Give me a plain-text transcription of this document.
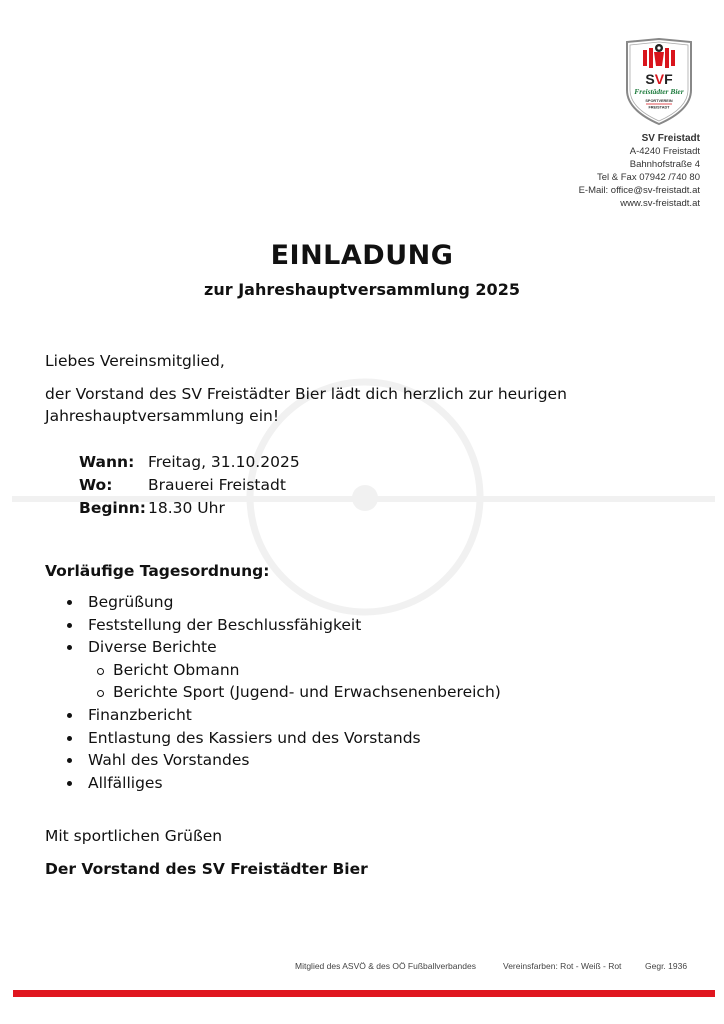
SVF
Freistädter Bier
SPORTVEREIN
FREISTADT
SV Freistadt
A-4240 Freistadt
Bahnhofstraße 4
Tel & Fax 07942 /740 80
E-Mail: office@sv-freistadt.at
www.sv-freistadt.at
EINLADUNG
zur Jahreshauptversammlung 2025
Liebes Vereinsmitglied,
der Vorstand des SV Freistädter Bier lädt dich herzlich zur heurigen
Jahreshauptversammlung ein!
Wann: Freitag, 31.10.2025
Wo:	Brauerei Freistadt
Beginn: 18.30 Uhr
Vorläufige Tagesordnung:
Begrüßung
Feststellung der Beschlussfähigkeit
Diverse Berichte
Bericht Obmann
Berichte Sport (Jugend- und Erwachsenenbereich)
Finanzbericht
Entlastung des Kassiers und des Vorstands
Wahl des Vorstandes
Allfälliges
Mit sportlichen Grüßen
Der Vorstand des SV Freistädter Bier
Mitglied des ASVÖ & des OÖ Fußballverbandes	Vereinsfarben: Rot - Weiß - Rot	Gegr. 1936
